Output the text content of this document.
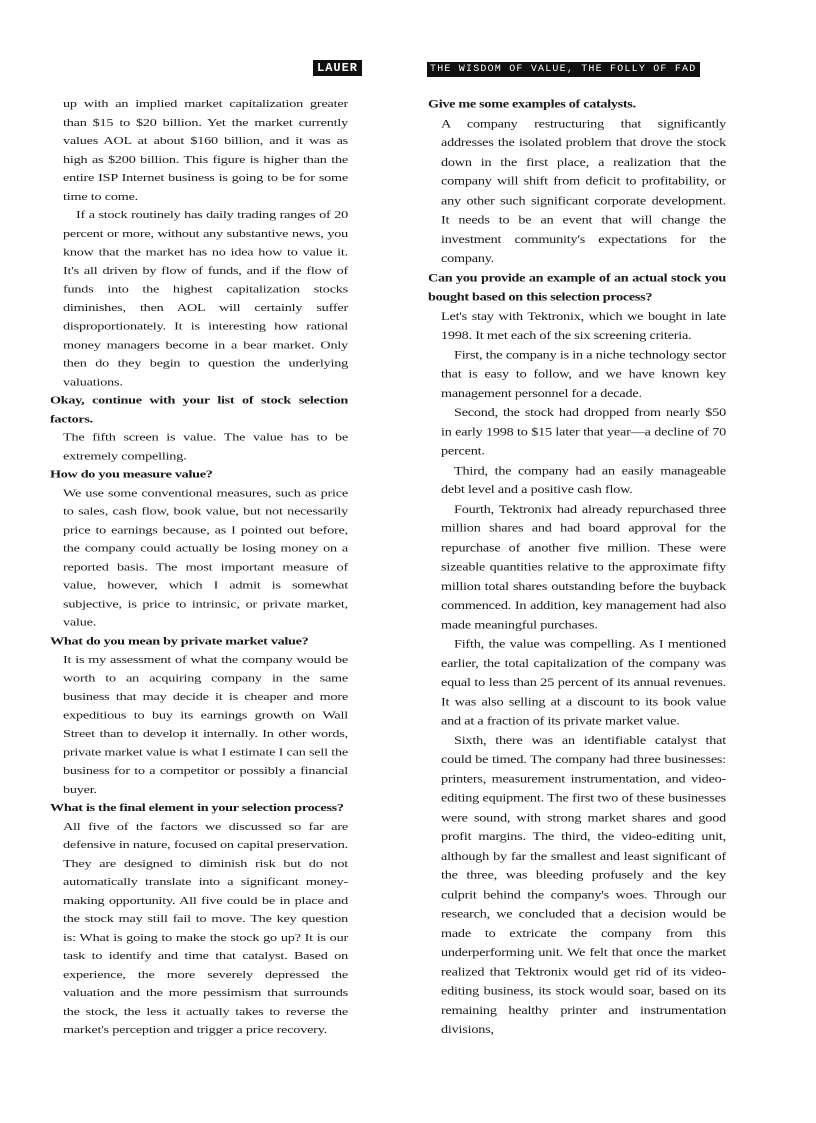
LAUER	THE WISDOM OF VALUE, THE FOLLY OF FAD

up with an implied market capitalization greater than $15 to $20 billion. Yet the market currently values AOL at about $160 billion, and it was as high as $200 billion. This figure is higher than the entire ISP Internet business is going to be for some time to come.

If a stock routinely has daily trading ranges of 20 percent or more, without any substantive news, you know that the market has no idea how to value it. It's all driven by flow of funds, and if the flow of funds into the highest capitalization stocks diminishes, then AOL will certainly suffer disproportionately. It is interesting how rational money managers become in a bear market. Only then do they begin to question the underlying valuations.

Okay, continue with your list of stock selection factors.

The fifth screen is value. The value has to be extremely compelling.

How do you measure value?

We use some conventional measures, such as price to sales, cash flow, book value, but not necessarily price to earnings because, as I pointed out before, the company could actually be losing money on a reported basis. The most important measure of value, however, which I admit is somewhat subjective, is price to intrinsic, or private market, value.

What do you mean by private market value?

It is my assessment of what the company would be worth to an acquiring company in the same business that may decide it is cheaper and more expeditious to buy its earnings growth on Wall Street than to develop it internally. In other words, private market value is what I estimate I can sell the business for to a competitor or possibly a financial buyer.

What is the final element in your selection process?

All five of the factors we discussed so far are defensive in nature, focused on capital preservation. They are designed to diminish risk but do not automatically translate into a significant money-making opportunity. All five could be in place and the stock may still fail to move. The key question is: What is going to make the stock go up? It is our task to identify and time that catalyst. Based on experience, the more severely depressed the valuation and the more pessimism that surrounds the stock, the less it actually takes to reverse the market's perception and trigger a price recovery.

Give me some examples of catalysts.

A company restructuring that significantly addresses the isolated problem that drove the stock down in the first place, a realization that the company will shift from deficit to profitability, or any other such significant corporate development. It needs to be an event that will change the investment community's expectations for the company.

Can you provide an example of an actual stock you bought based on this selection process?

Let's stay with Tektronix, which we bought in late 1998. It met each of the six screening criteria.

First, the company is in a niche technology sector that is easy to follow, and we have known key management personnel for a decade.

Second, the stock had dropped from nearly $50 in early 1998 to $15 later that year—a decline of 70 percent.

Third, the company had an easily manageable debt level and a positive cash flow.

Fourth, Tektronix had already repurchased three million shares and had board approval for the repurchase of another five million. These were sizeable quantities relative to the approximate fifty million total shares outstanding before the buyback commenced. In addition, key management had also made meaningful purchases.

Fifth, the value was compelling. As I mentioned earlier, the total capitalization of the company was equal to less than 25 percent of its annual revenues. It was also selling at a discount to its book value and at a fraction of its private market value.

Sixth, there was an identifiable catalyst that could be timed. The company had three businesses: printers, measurement instrumentation, and video-editing equipment. The first two of these businesses were sound, with strong market shares and good profit margins. The third, the video-editing unit, although by far the smallest and least significant of the three, was bleeding profusely and the key culprit behind the company's woes. Through our research, we concluded that a decision would be made to extricate the company from this underperforming unit. We felt that once the market realized that Tektronix would get rid of its video-editing business, its stock would soar, based on its remaining healthy printer and instrumentation divisions,
